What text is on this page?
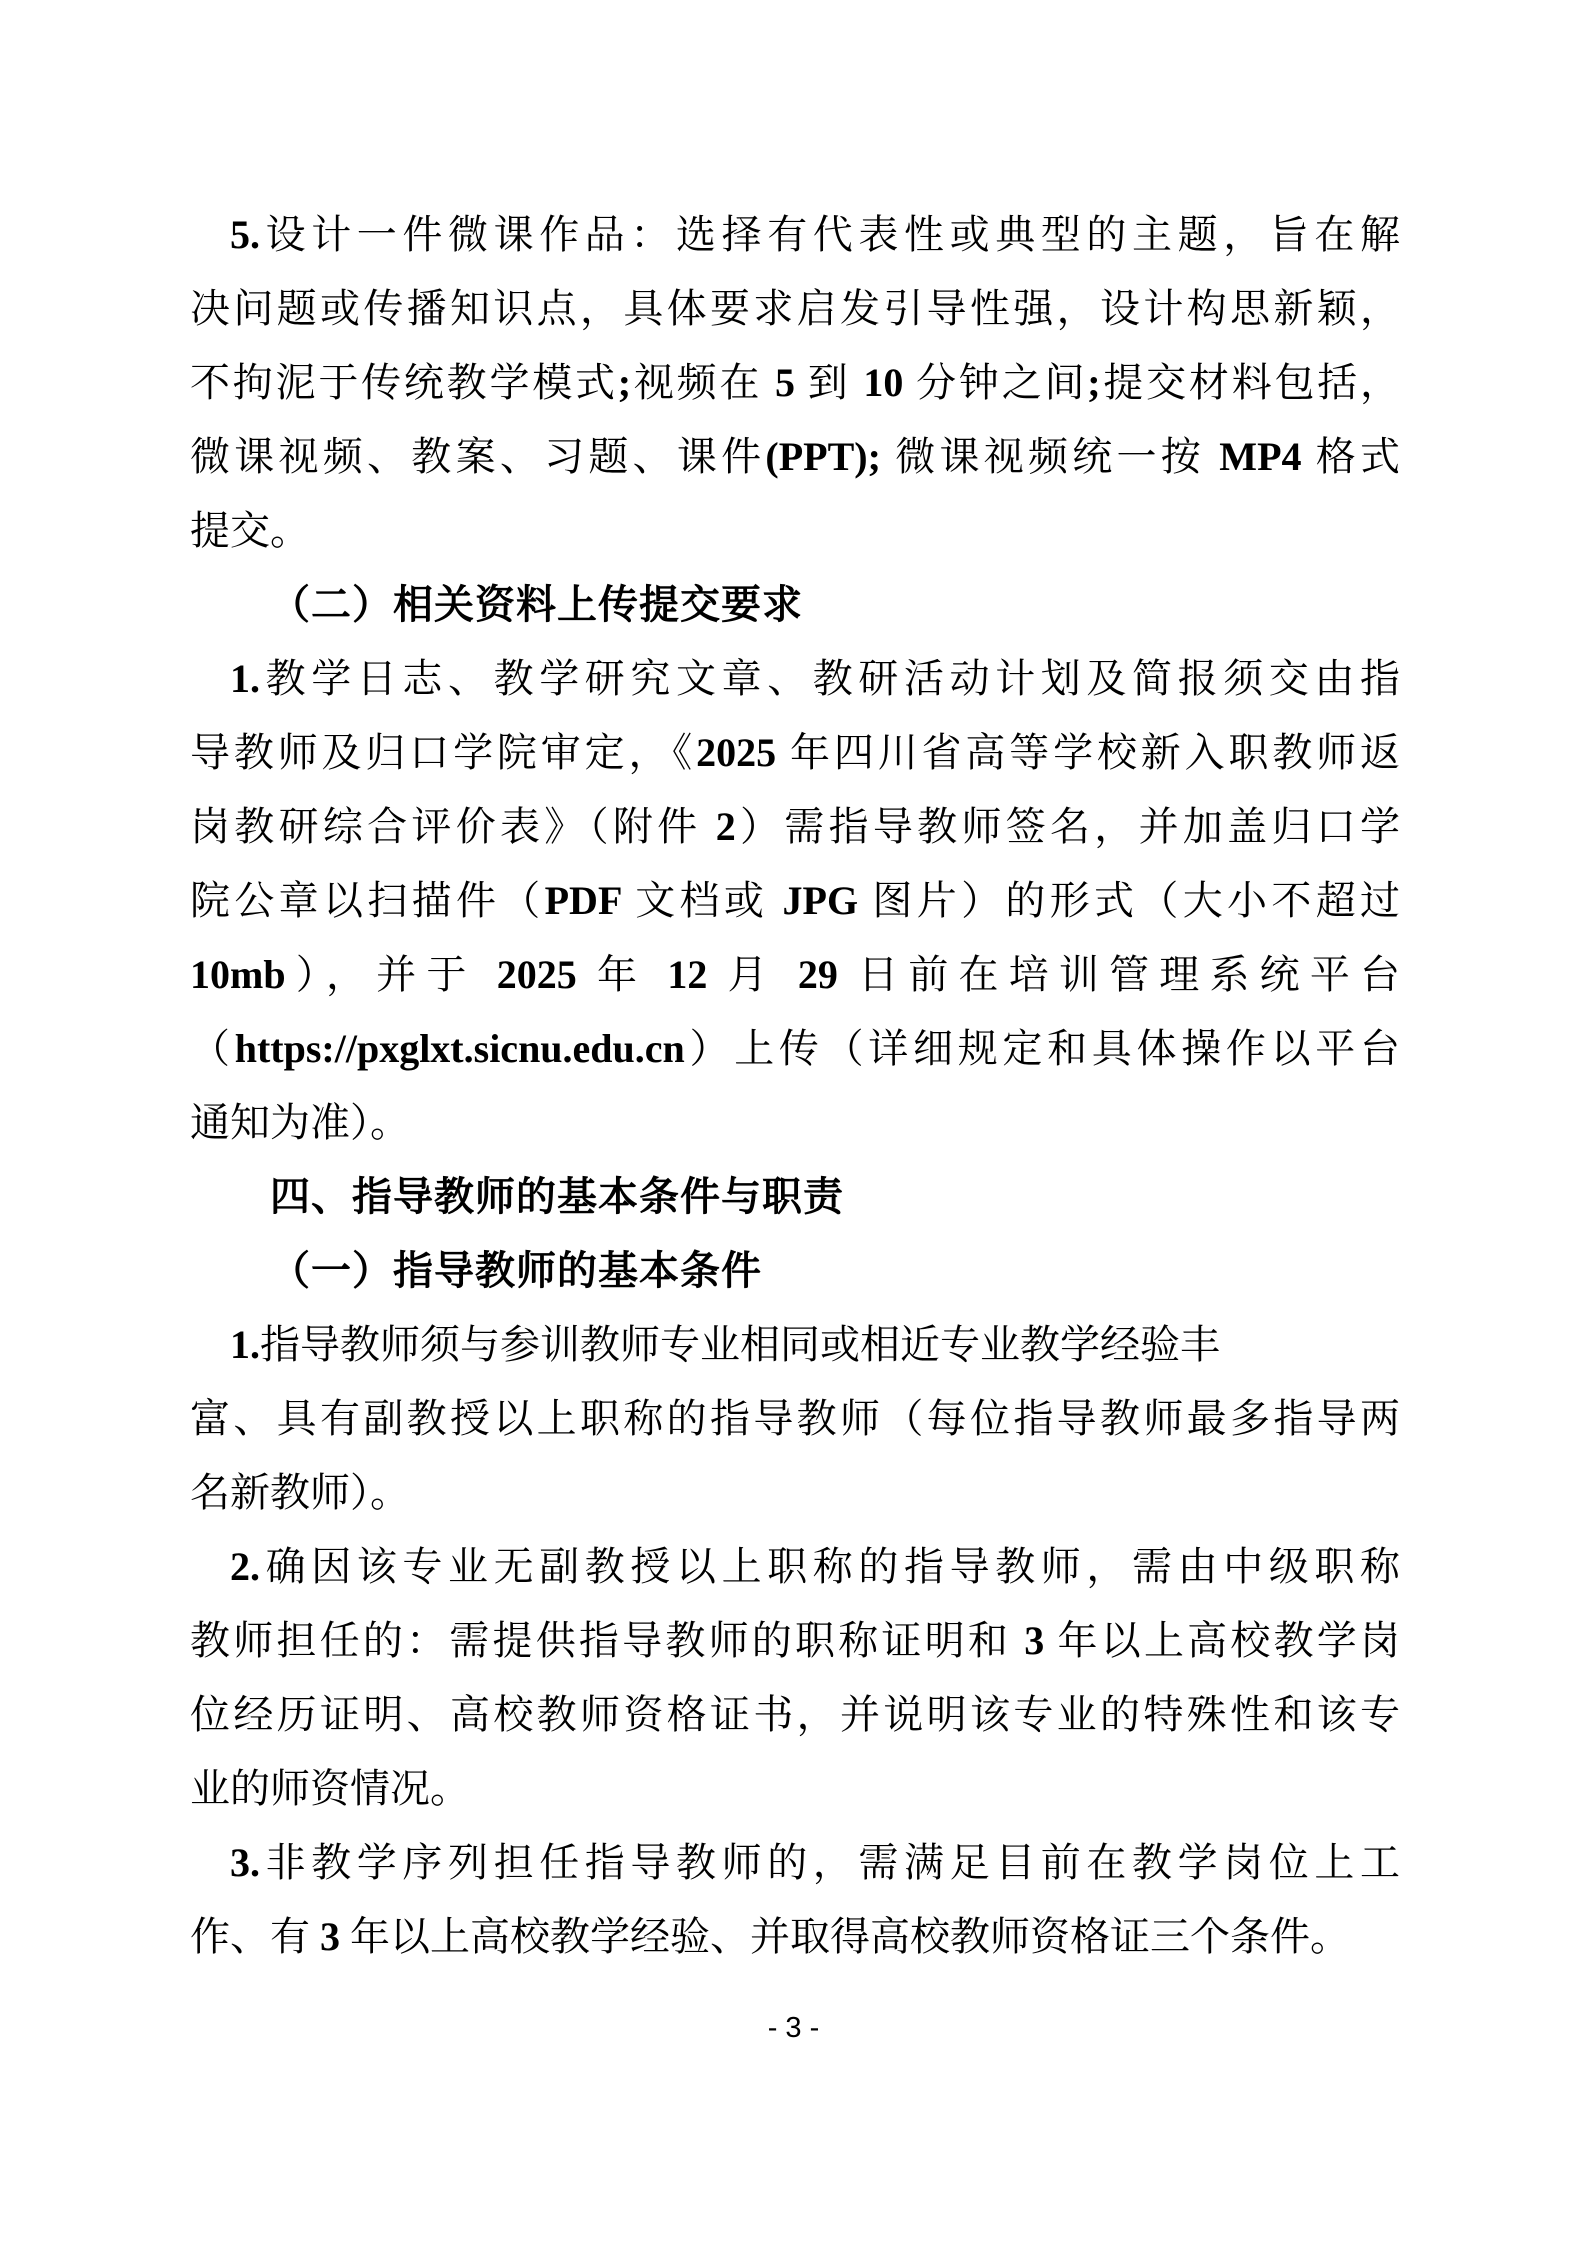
5.设计一件微课作品：选择有代表性或典型的主题，旨在解
决问题或传播知识点，具体要求启发引导性强，设计构思新颖，
不拘泥于传统教学模式;视频在 5 到 10 分钟之间;提交材料包括，
微课视频、教案、习题、课件(PPT); 微课视频统一按 MP4 格式
提交。
（二）相关资料上传提交要求
1.教学日志、教学研究文章、教研活动计划及简报须交由指
导教师及归口学院审定，《2025 年四川省高等学校新入职教师返
岗教研综合评价表》（附件 2）需指导教师签名，并加盖归口学
院公章以扫描件（PDF 文档或 JPG 图片）的形式（大小不超过
10mb），并于 2025 年 12 月 29 日前在培训管理系统平台
（https://pxglxt.sicnu.edu.cn）上传（详细规定和具体操作以平台
通知为准）。
四、指导教师的基本条件与职责
（一）指导教师的基本条件
1.指导教师须与参训教师专业相同或相近专业教学经验丰
富、具有副教授以上职称的指导教师（每位指导教师最多指导两
名新教师）。
2.确因该专业无副教授以上职称的指导教师，需由中级职称
教师担任的：需提供指导教师的职称证明和 3 年以上高校教学岗
位经历证明、高校教师资格证书，并说明该专业的特殊性和该专
业的师资情况。
3.非教学序列担任指导教师的，需满足目前在教学岗位上工
作、有 3 年以上高校教学经验、并取得高校教师资格证三个条件。
- 3 -
